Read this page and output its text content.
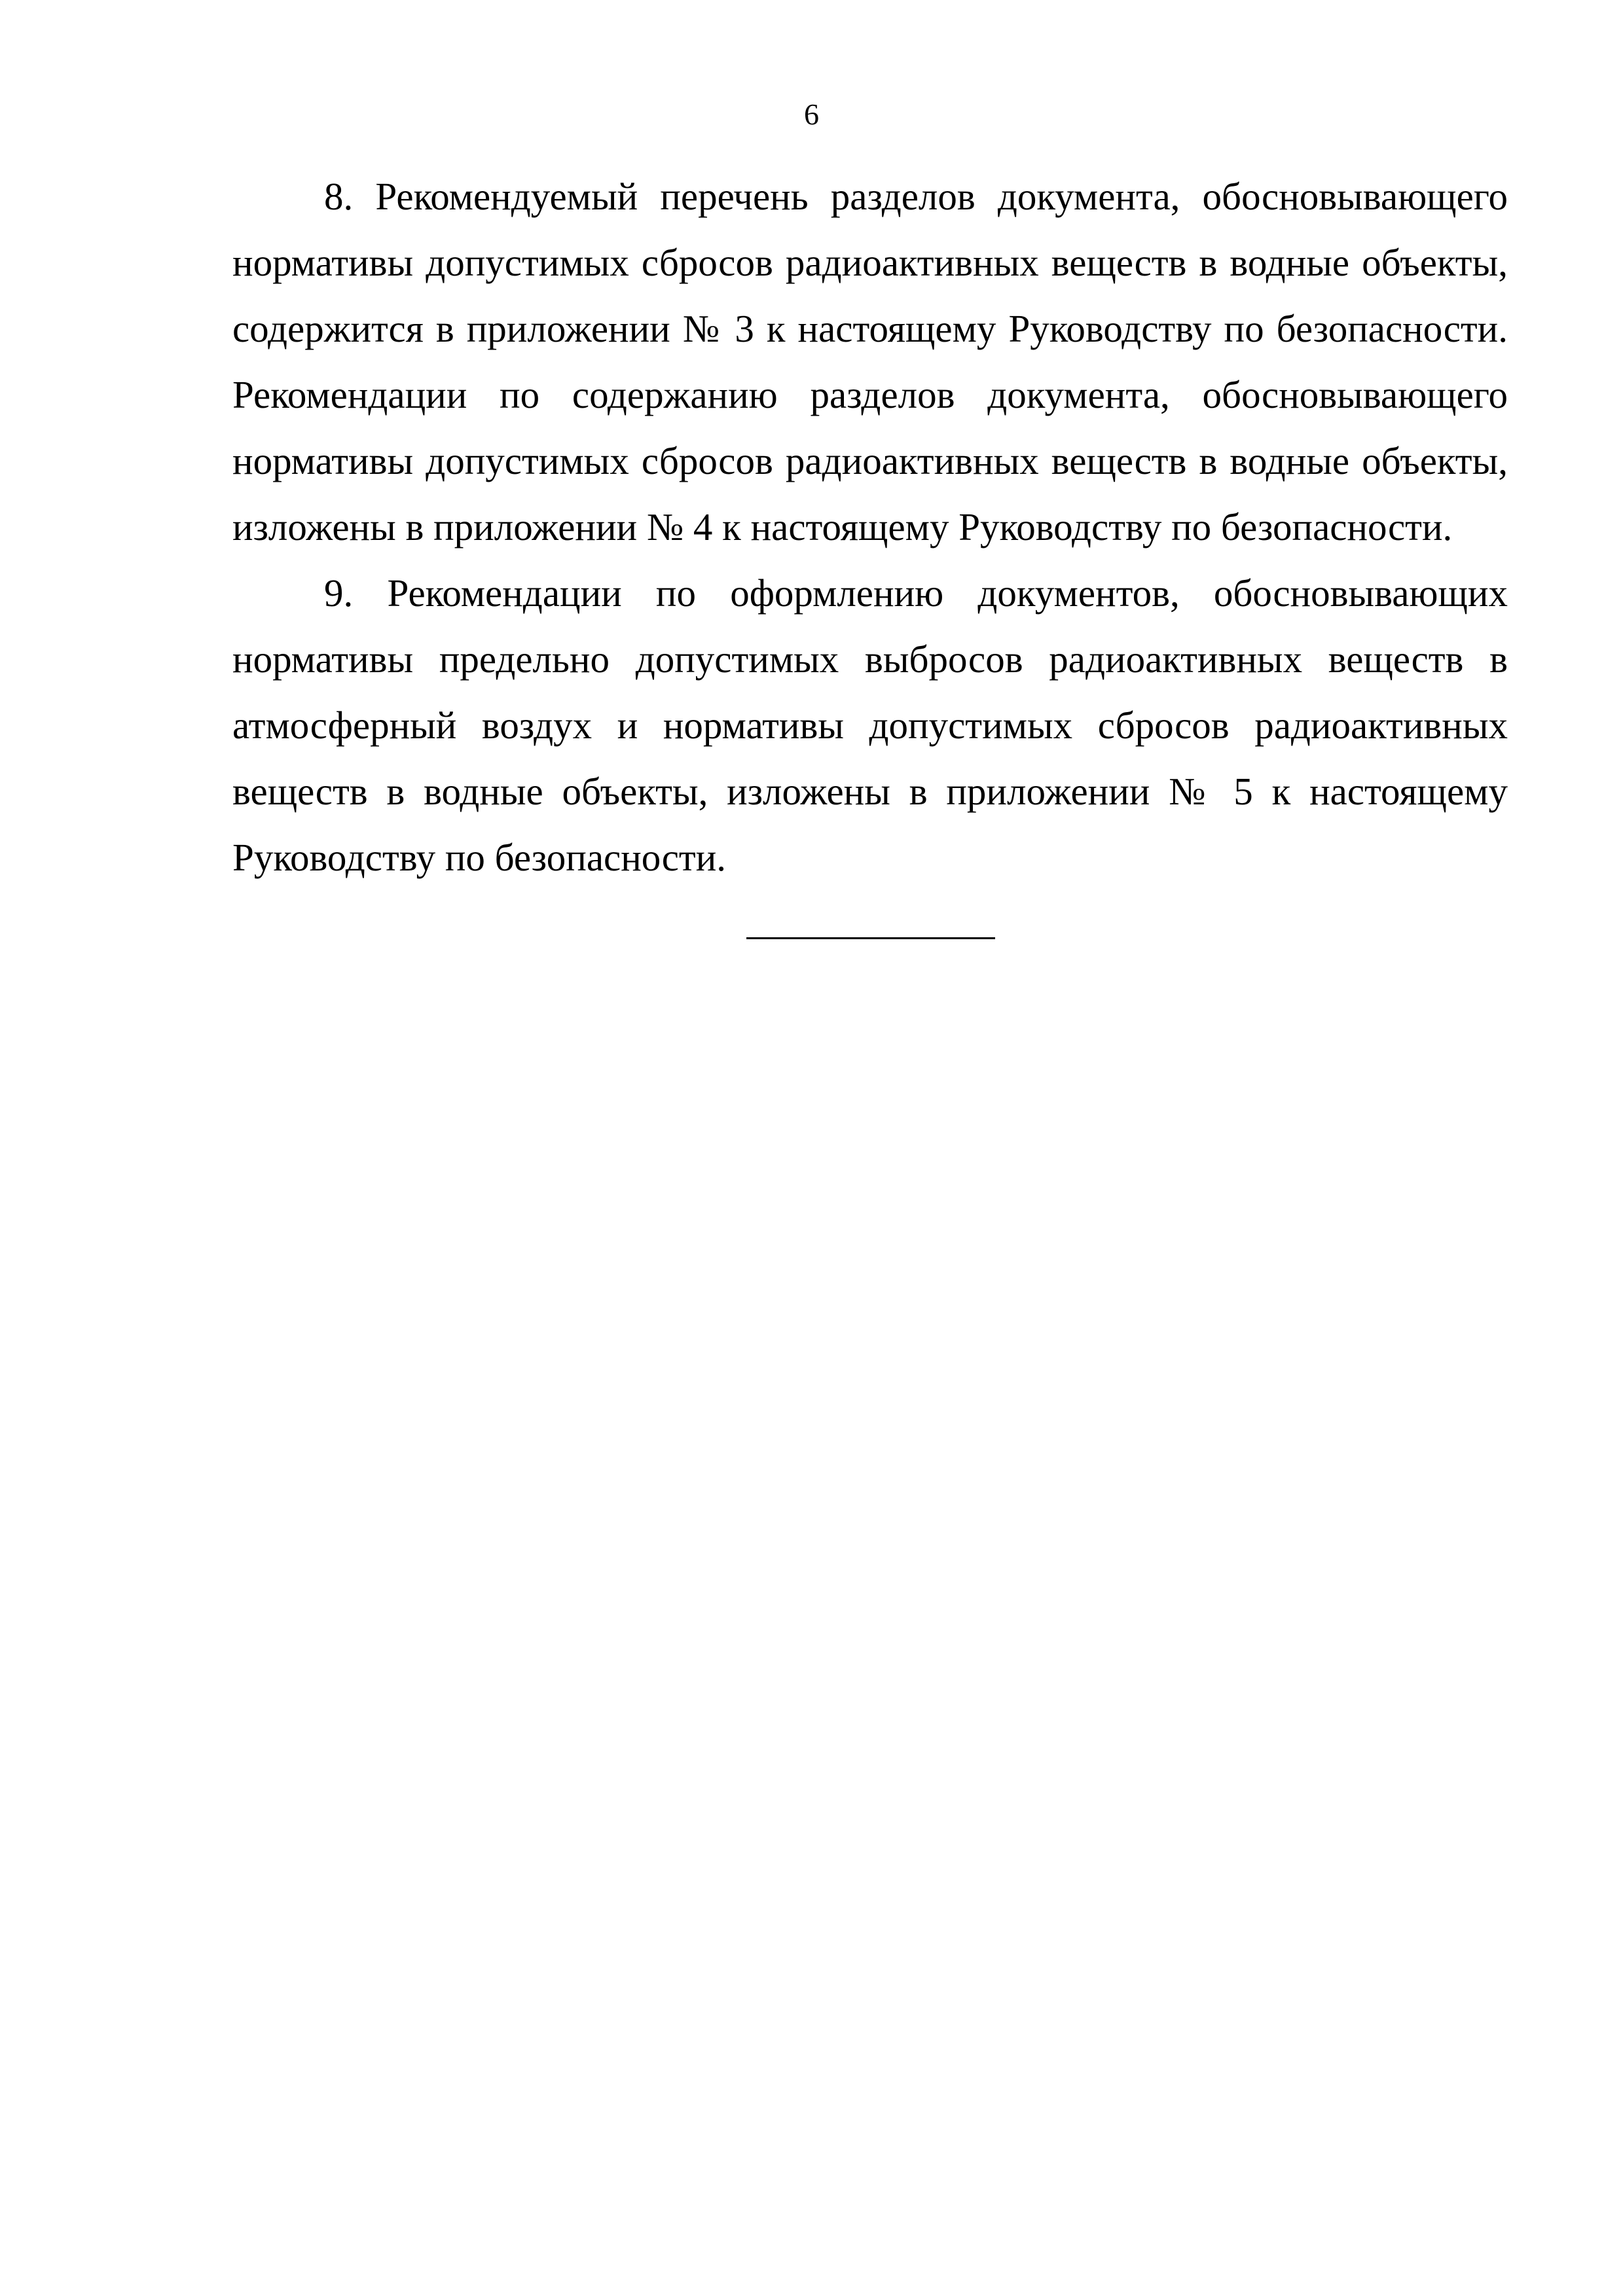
6

8. Рекомендуемый перечень разделов документа, обосновывающего нормативы допустимых сбросов радиоактивных веществ в водные объекты, содержится в приложении № 3 к настоящему Руководству по безопасности. Рекомендации по содержанию разделов документа, обосновывающего нормативы допустимых сбросов радиоактивных веществ в водные объекты, изложены в приложении № 4 к настоящему Руководству по безопасности.

9. Рекомендации по оформлению документов, обосновывающих нормативы предельно допустимых выбросов радиоактивных веществ в атмосферный воздух и нормативы допустимых сбросов радиоактивных веществ в водные объекты, изложены в приложении № 5 к настоящему Руководству по безопасности.
